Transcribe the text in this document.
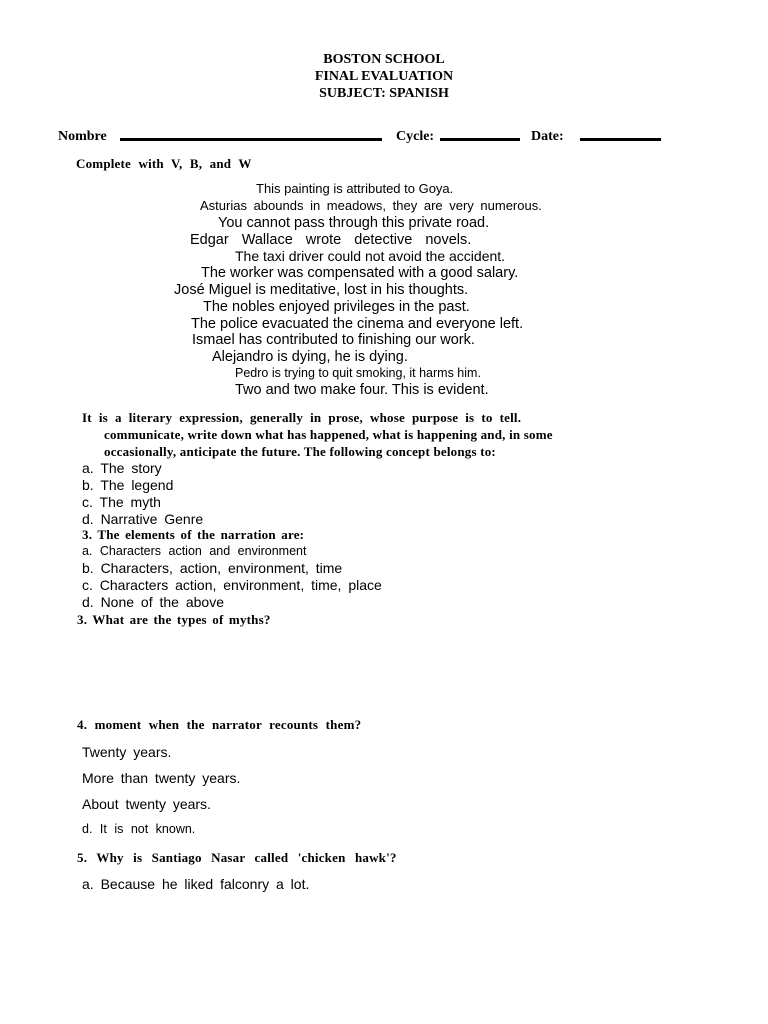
BOSTON SCHOOL
FINAL EVALUATION
SUBJECT: SPANISH
Nombre	Cycle:	Date:
Complete with V, B, and W
This painting is attributed to Goya.
Asturias abounds in meadows, they are very numerous.
You cannot pass through this private road.
Edgar Wallace wrote detective novels.
The taxi driver could not avoid the accident.
The worker was compensated with a good salary.
José Miguel is meditative, lost in his thoughts.
The nobles enjoyed privileges in the past.
The police evacuated the cinema and everyone left.
Ismael has contributed to finishing our work.
Alejandro is dying, he is dying.
Pedro is trying to quit smoking, it harms him.
Two and two make four. This is evident.
It is a literary expression, generally in prose, whose purpose is to tell.
communicate, write down what has happened, what is happening and, in some
occasionally, anticipate the future. The following concept belongs to:
a. The story
b. The legend
c. The myth
d. Narrative Genre
3. The elements of the narration are:
a. Characters action and environment
b. Characters, action, environment, time
c. Characters action, environment, time, place
d. None of the above
3. What are the types of myths?
4. moment when the narrator recounts them?
Twenty years.
More than twenty years.
About twenty years.
d. It is not known.
5. Why is Santiago Nasar called 'chicken hawk'?
a. Because he liked falconry a lot.
